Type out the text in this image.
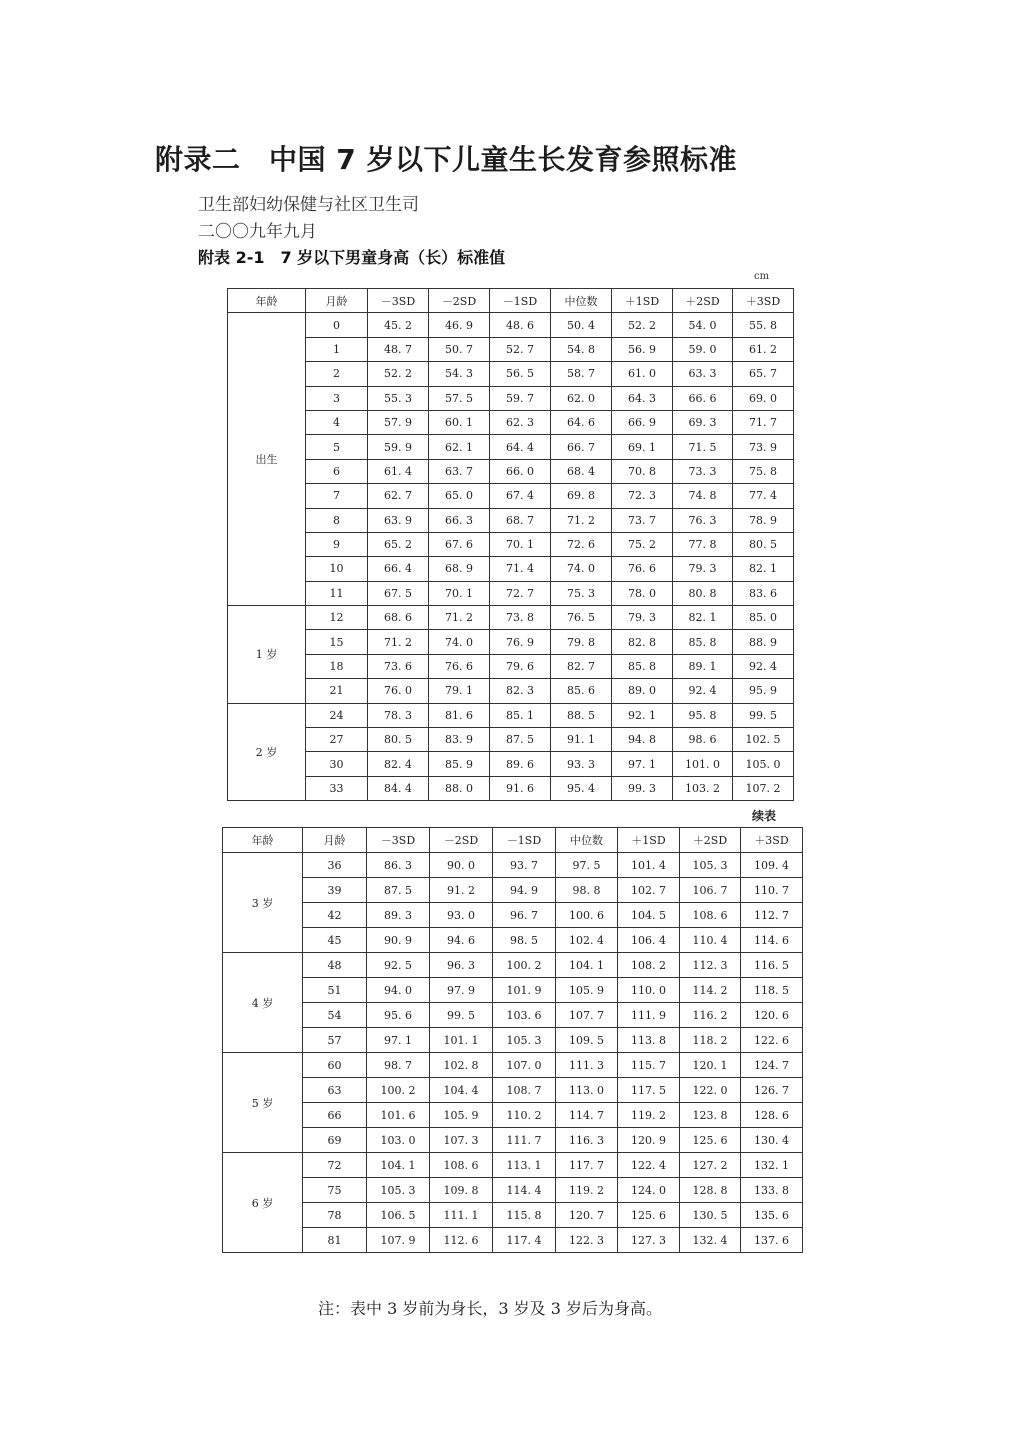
附录二　中国 7 岁以下儿童生长发育参照标准
卫生部妇幼保健与社区卫生司
二〇〇九年九月
附表 2-1　7 岁以下男童身高（长）标准值
cm
年龄	月龄	－3SD	－2SD	－1SD	中位数	＋1SD	＋2SD	＋3SD
出生	0	45. 2	46. 9	48. 6	50. 4	52. 2	54. 0	55. 8
	1	48. 7	50. 7	52. 7	54. 8	56. 9	59. 0	61. 2
	2	52. 2	54. 3	56. 5	58. 7	61. 0	63. 3	65. 7
	3	55. 3	57. 5	59. 7	62. 0	64. 3	66. 6	69. 0
	4	57. 9	60. 1	62. 3	64. 6	66. 9	69. 3	71. 7
	5	59. 9	62. 1	64. 4	66. 7	69. 1	71. 5	73. 9
	6	61. 4	63. 7	66. 0	68. 4	70. 8	73. 3	75. 8
	7	62. 7	65. 0	67. 4	69. 8	72. 3	74. 8	77. 4
	8	63. 9	66. 3	68. 7	71. 2	73. 7	76. 3	78. 9
	9	65. 2	67. 6	70. 1	72. 6	75. 2	77. 8	80. 5
	10	66. 4	68. 9	71. 4	74. 0	76. 6	79. 3	82. 1
	11	67. 5	70. 1	72. 7	75. 3	78. 0	80. 8	83. 6
1 岁	12	68. 6	71. 2	73. 8	76. 5	79. 3	82. 1	85. 0
	15	71. 2	74. 0	76. 9	79. 8	82. 8	85. 8	88. 9
	18	73. 6	76. 6	79. 6	82. 7	85. 8	89. 1	92. 4
	21	76. 0	79. 1	82. 3	85. 6	89. 0	92. 4	95. 9
2 岁	24	78. 3	81. 6	85. 1	88. 5	92. 1	95. 8	99. 5
	27	80. 5	83. 9	87. 5	91. 1	94. 8	98. 6	102. 5
	30	82. 4	85. 9	89. 6	93. 3	97. 1	101. 0	105. 0
	33	84. 4	88. 0	91. 6	95. 4	99. 3	103. 2	107. 2
续表
年龄	月龄	－3SD	－2SD	－1SD	中位数	＋1SD	＋2SD	＋3SD
3 岁	36	86. 3	90. 0	93. 7	97. 5	101. 4	105. 3	109. 4
	39	87. 5	91. 2	94. 9	98. 8	102. 7	106. 7	110. 7
	42	89. 3	93. 0	96. 7	100. 6	104. 5	108. 6	112. 7
	45	90. 9	94. 6	98. 5	102. 4	106. 4	110. 4	114. 6
4 岁	48	92. 5	96. 3	100. 2	104. 1	108. 2	112. 3	116. 5
	51	94. 0	97. 9	101. 9	105. 9	110. 0	114. 2	118. 5
	54	95. 6	99. 5	103. 6	107. 7	111. 9	116. 2	120. 6
	57	97. 1	101. 1	105. 3	109. 5	113. 8	118. 2	122. 6
5 岁	60	98. 7	102. 8	107. 0	111. 3	115. 7	120. 1	124. 7
	63	100. 2	104. 4	108. 7	113. 0	117. 5	122. 0	126. 7
	66	101. 6	105. 9	110. 2	114. 7	119. 2	123. 8	128. 6
	69	103. 0	107. 3	111. 7	116. 3	120. 9	125. 6	130. 4
6 岁	72	104. 1	108. 6	113. 1	117. 7	122. 4	127. 2	132. 1
	75	105. 3	109. 8	114. 4	119. 2	124. 0	128. 8	133. 8
	78	106. 5	111. 1	115. 8	120. 7	125. 6	130. 5	135. 6
	81	107. 9	112. 6	117. 4	122. 3	127. 3	132. 4	137. 6
注：表中 3 岁前为身长，3 岁及 3 岁后为身高。
